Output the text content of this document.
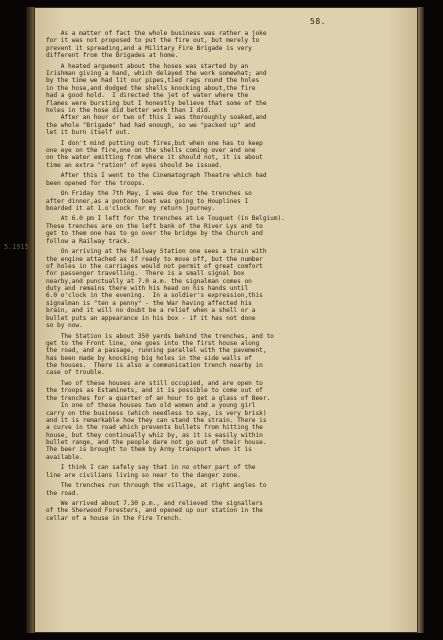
58.
5.1915
As a matter of fact the whole business was rather a joke
for it was not proposed to put the fire out, but merely to
prevent it spreading,and a Military Fire Brigade is very
different from the Brigades at home.
A heated argument about the hoses was started by an
Irishman giving a hand, which delayed the work somewhat; and
by the time we had lit our pipes,tied rags round the holes
in the hose,and dodged the shells knocking about,the fire
had a good hold.  I directed the jet of water where the
flames were bursting but I honestly believe that some of the
holes in the hose did better work than I did.
After an hour or two of this I was thoroughly soaked,and
the whole "Brigade" had had enough, so we "packed up" and
let it burn itself out.
I don't mind putting out fires,but when one has to keep
one eye on the fire,one on the shells coming over and one
on the water emitting from where it should not, it is about
time an extra "ration" of eyes should be issued.
After this I went to the Cinematograph Theatre which had
been opened for the troops.
On Friday the 7th May, I was due for the trenches so
after dinner,as a pontoon boat was going to Houplines I
boarded it at 1.o'clock for my return journey.
At 6.0 pm I left for the trenches at Le Touquet (in Belgium).
These trenches are on the left bank of the River Lys and to
get to them one has to go over the bridge by the Church and
follow a Railway track.
On arriving at the Railway Station one sees a train with
the engine attached as if ready to move off, but the number
of holes in the carriages would not permit of great comfort
for passenger travelling.  There is a small signal box
nearby,and punctually at 7.0 a.m. the signalman comes on
duty and remains there with his head on his hands until
6.0 o'clock in the evening.  In a soldier's expression,this
signalman is "ten a penny" - the War having affected his
brain, and it will no doubt be a relief when a shell or a
bullet puts an appearance in his box - if it has not done
so by now.
The Station is about 350 yards behind the trenches, and to
get to the Front line, one goes into the first house along
the road, and a passage, running parallel with the pavement,
has been made by knocking big holes in the side walls of
the houses.  There is also a communication trench nearby in
case of trouble.
Two of these houses are still occupied, and are open to
the troops as Estaminets, and it is possible to come out of
the trenches for a quarter of an hour to get a glass of Beer.
In one of these houses two old women and a young girl
carry on the business (which needless to say, is very brisk)
and it is remarkable how they can stand the strain. There is
a curve in the road which prevents bullets from hitting the
house, but they continually whiz by, as it is easily within
bullet range, and the people dare not go out of their house.
The beer is brought to them by Army transport when it is
available.
I think I can safely say that in no other part of the
line are civilians living so near to the danger zone.
The trenches run through the village, at right angles to
the road.
We arrived about 7.30 p.m., and relieved the signallers
of the Sherwood Foresters, and opened up our station in the
cellar of a house in the Fire Trench.
